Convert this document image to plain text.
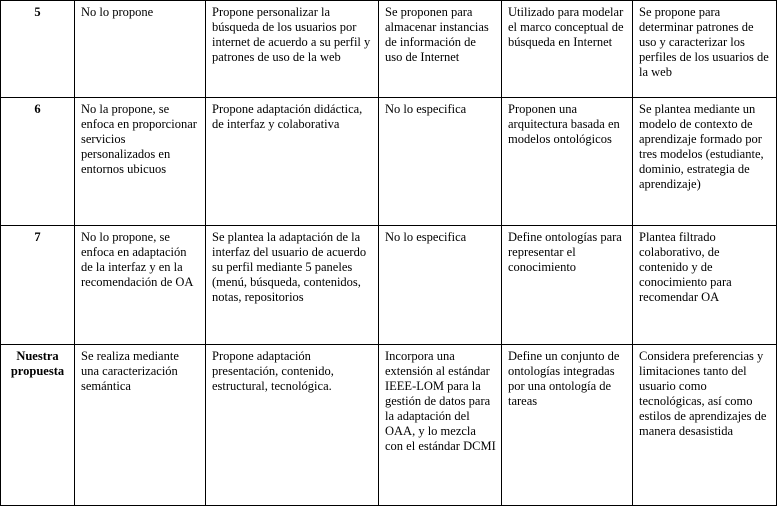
5	No lo propone	Propone personalizar la búsqueda de los usuarios por internet de acuerdo a su perfil y patrones de uso de la web	Se proponen para almacenar instancias de información de uso de Internet	Utilizado para modelar el marco conceptual de búsqueda en Internet	Se propone para determinar patrones de uso y caracterizar los perfiles de los usuarios de la web
6	No la propone, se enfoca en proporcionar servicios personalizados en entornos ubicuos	Propone adaptación didáctica, de interfaz y colaborativa	No lo especifica	Proponen una arquitectura basada en modelos ontológicos	Se plantea mediante un modelo de contexto de aprendizaje formado por tres modelos (estudiante, dominio, estrategia de aprendizaje)
7	No lo propone, se enfoca en adaptación de la interfaz y en la recomendación de OA	Se plantea la adaptación de la interfaz del usuario de acuerdo su perfil mediante 5 paneles (menú, búsqueda, contenidos, notas, repositorios	No lo especifica	Define ontologías para representar el conocimiento	Plantea filtrado colaborativo, de contenido y de conocimiento para recomendar OA
Nuestra propuesta	Se realiza mediante una caracterización semántica	Propone adaptación presentación, contenido, estructural, tecnológica.	Incorpora una extensión al estándar IEEE-LOM para la gestión de datos para la adaptación del OAA, y lo mezcla con el estándar DCMI	Define un conjunto de ontologías integradas por una ontología de tareas	Considera preferencias y limitaciones tanto del usuario como tecnológicas, así como estilos de aprendizajes de manera desasistida
